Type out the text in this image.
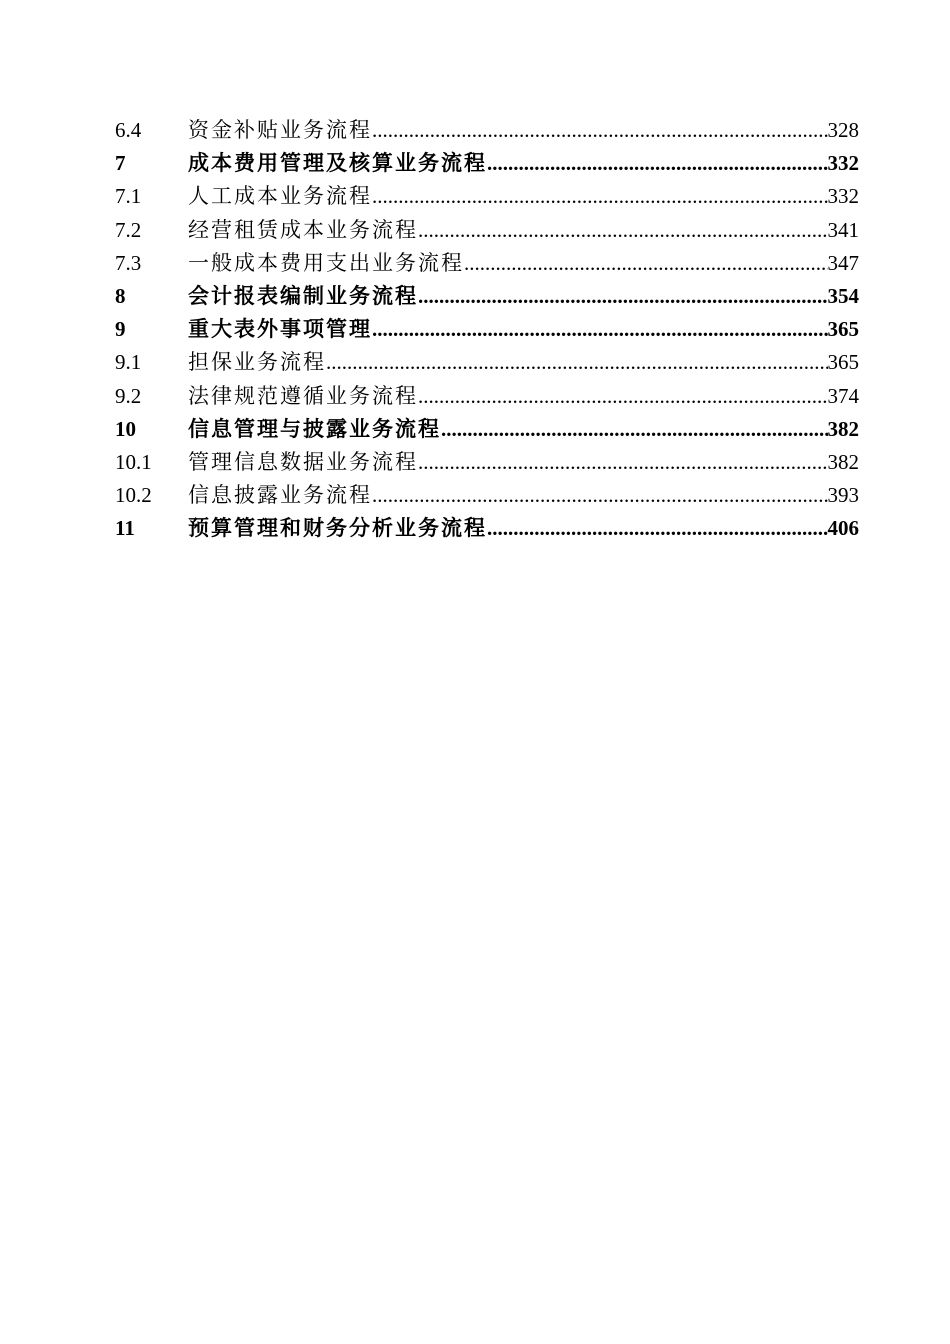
6.4	资金补贴业务流程 .....	328
7	成本费用管理及核算业务流程 .....	332
7.1	人工成本业务流程 .....	332
7.2	经营租赁成本业务流程 .....	341
7.3	一般成本费用支出业务流程 .....	347
8	会计报表编制业务流程 .....	354
9	重大表外事项管理 .....	365
9.1	担保业务流程 .....	365
9.2	法律规范遵循业务流程 .....	374
10	信息管理与披露业务流程 .....	382
10.1	管理信息数据业务流程 .....	382
10.2	信息披露业务流程 .....	393
11	预算管理和财务分析业务流程 .....	406
